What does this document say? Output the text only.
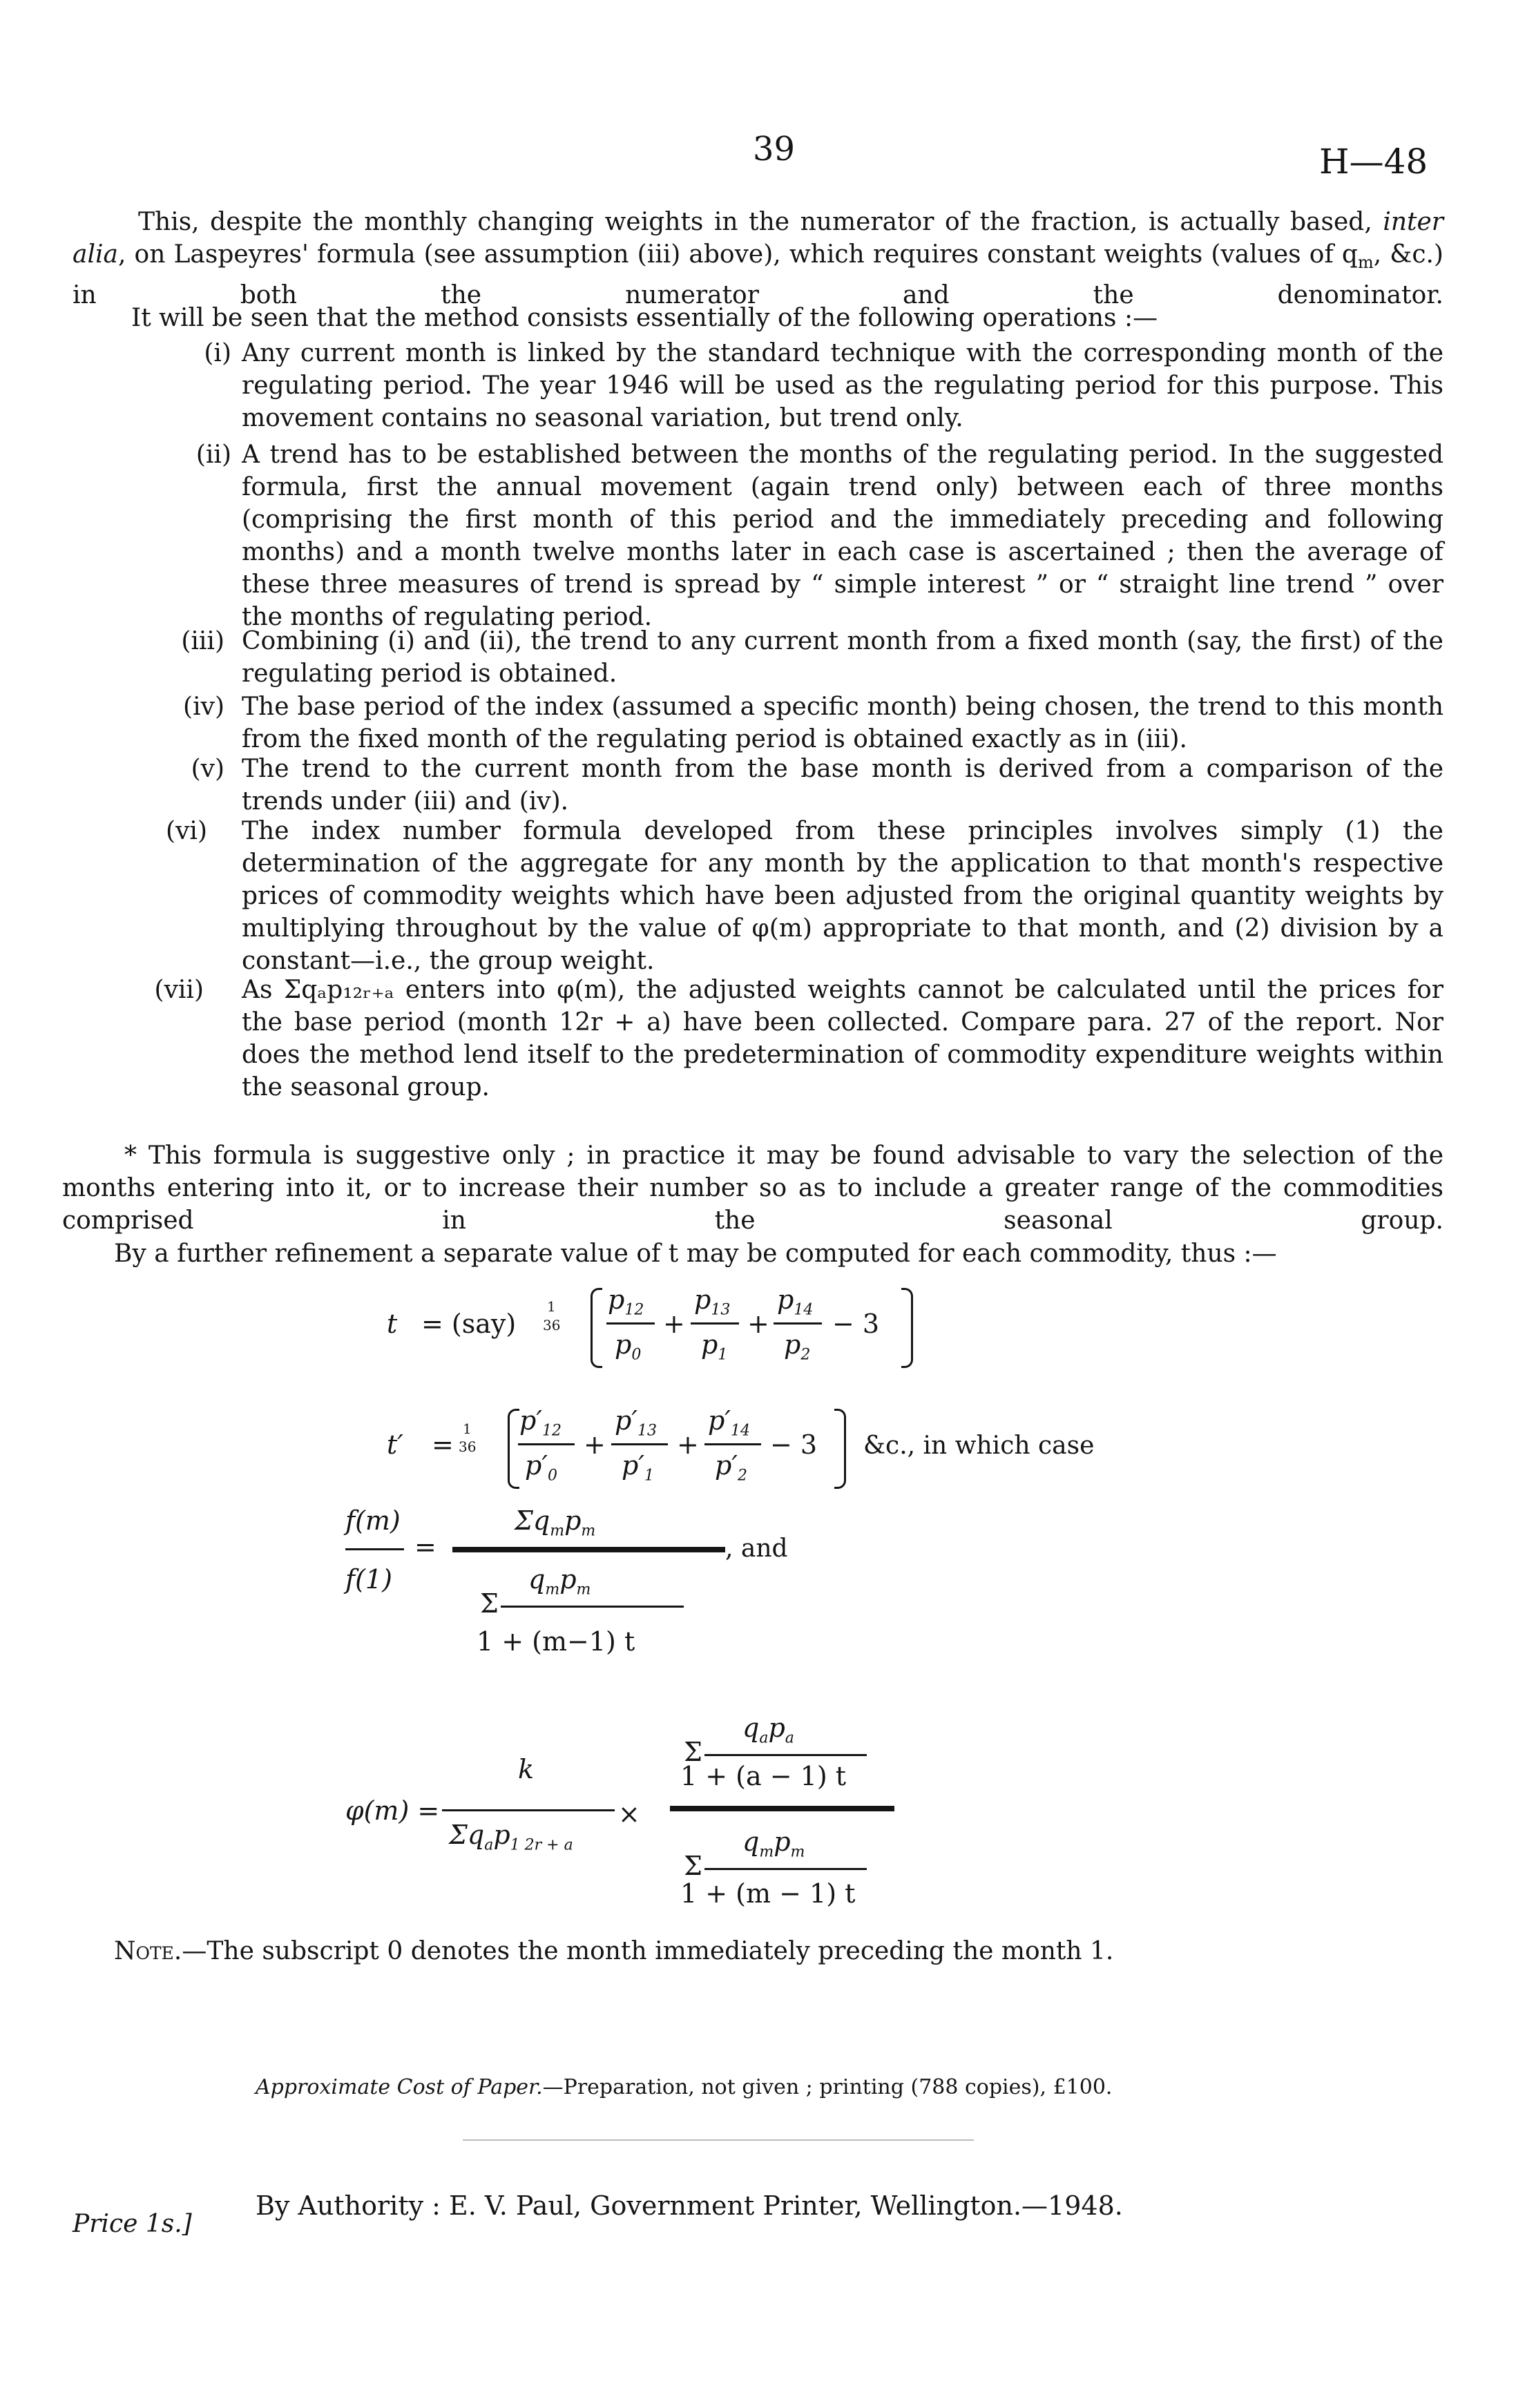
39	H—48
This, despite the monthly changing weights in the numerator of the fraction, is actually based, inter alia, on Laspeyres' formula (see assumption (iii) above), which requires constant weights (values of $q_m$, &c.) in both the numerator and the denominator.
It will be seen that the method consists essentially of the following operations :—
(i) Any current month is linked by the standard technique with the corresponding month of the regulating period. The year 1946 will be used as the regulating period for this purpose. This movement contains no seasonal variation, but trend only.
(ii) A trend has to be established between the months of the regulating period. In the suggested formula, first the annual movement (again trend only) between each of three months (comprising the first month of this period and the immediately preceding and following months) and a month twelve months later in each case is ascertained ; then the average of these three measures of trend is spread by “ simple interest ” or “ straight line trend ” over the months of regulating period.
(iii) Combining (i) and (ii), the trend to any current month from a fixed month (say, the first) of the regulating period is obtained.
(iv) The base period of the index (assumed a specific month) being chosen, the trend to this month from the fixed month of the regulating period is obtained exactly as in (iii).
(v) The trend to the current month from the base month is derived from a comparison of the trends under (iii) and (iv).
(vi) The index number formula developed from these principles involves simply (1) the determination of the aggregate for any month by the application to that month's respective prices of commodity weights which have been adjusted from the original quantity weights by multiplying throughout by the value of φ(m) appropriate to that month, and (2) division by a constant—i.e., the group weight.
(vii) As Σqₐp₁₂ᵣ₊ₐ enters into φ(m), the adjusted weights cannot be calculated until the prices for the base period (month 12r + a) have been collected. Compare para. 27 of the report. Nor does the method lend itself to the predetermination of commodity expenditure weights within the seasonal group.
* This formula is suggestive only ; in practice it may be found advisable to vary the selection of the months entering into it, or to increase their number so as to include a greater range of the commodities comprised in the seasonal group.
By a further refinement a separate value of t may be computed for each commodity, thus :—
t = (say)
1
36
$p_{12}$
$p_0$
+
$p_{13}$
$p_1$
+
$p_{14}$
$p_2$
− 3
t′ =
1
36
$p'_{12}$
$p'_0$
+
$p'_{13}$
$p'_1$
+
$p'_{14}$
$p'_2$
− 3 &c., in which case
f(m)
f(1)
=
$\Sigma q_mp_m$
, and
Σ
$q_mp_m$
1 + (m−1) t
φ(m) =
k
$\Sigma q_ap_{1 2r + a}$
×
$q_ap_a$
Σ
1 + (a − 1) t
$q_mp_m$
Σ
1 + (m − 1) t
Note.—The subscript 0 denotes the month immediately preceding the month 1.
Approximate Cost of Paper.—Preparation, not given ; printing (788 copies), £100.
Price 1s.]
By Authority : E. V. Paul, Government Printer, Wellington.—1948.
